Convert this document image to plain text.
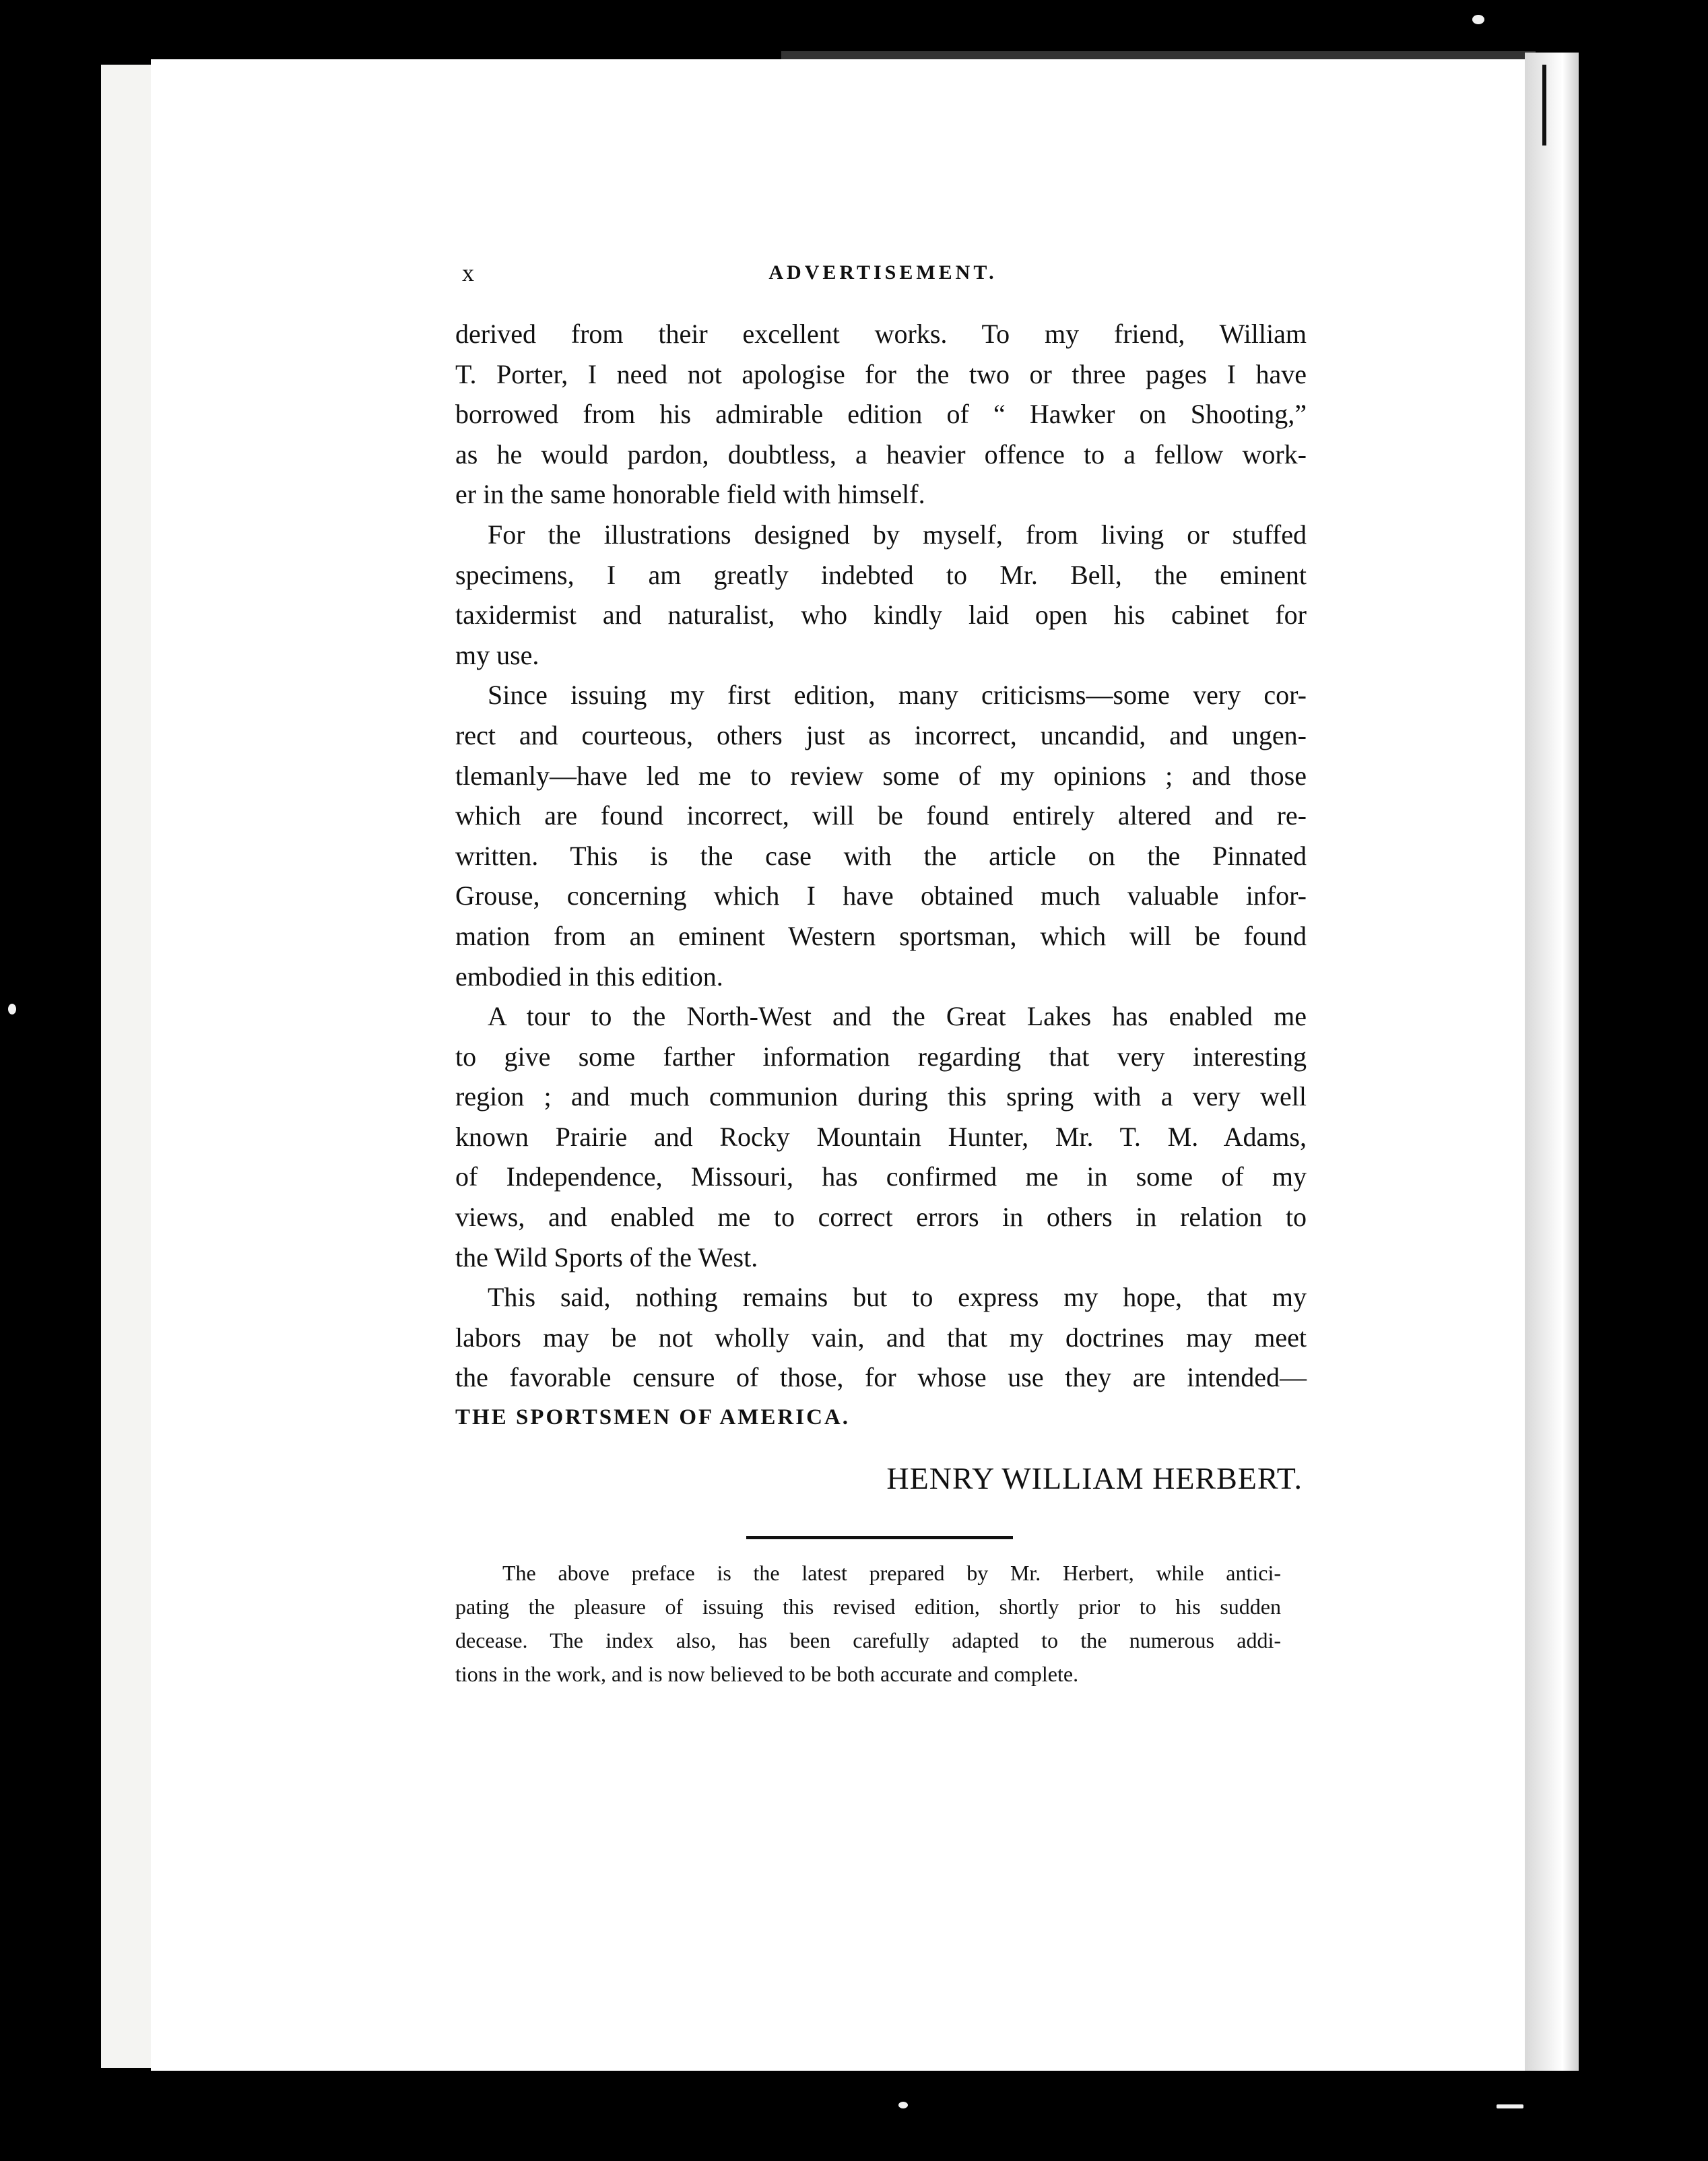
x	ADVERTISEMENT.
derived from their excellent works. To my friend, William
T. Porter, I need not apologise for the two or three pages I have
borrowed from his admirable edition of “ Hawker on Shooting,”
as he would pardon, doubtless, a heavier offence to a fellow work-
er in the same honorable field with himself.
For the illustrations designed by myself, from living or stuffed
specimens, I am greatly indebted to Mr. Bell, the eminent
taxidermist and naturalist, who kindly laid open his cabinet for
my use.
Since issuing my first edition, many criticisms—some very cor-
rect and courteous, others just as incorrect, uncandid, and ungen-
tlemanly—have led me to review some of my opinions ; and those
which are found incorrect, will be found entirely altered and re-
written. This is the case with the article on the Pinnated
Grouse, concerning which I have obtained much valuable infor-
mation from an eminent Western sportsman, which will be found
embodied in this edition.
A tour to the North-West and the Great Lakes has enabled me
to give some farther information regarding that very interesting
region ; and much communion during this spring with a very well
known Prairie and Rocky Mountain Hunter, Mr. T. M. Adams,
of Independence, Missouri, has confirmed me in some of my
views, and enabled me to correct errors in others in relation to
the Wild Sports of the West.
This said, nothing remains but to express my hope, that my
labors may be not wholly vain, and that my doctrines may meet
the favorable censure of those, for whose use they are intended—
THE SPORTSMEN OF AMERICA.
HENRY WILLIAM HERBERT.
The above preface is the latest prepared by Mr. Herbert, while antici-
pating the pleasure of issuing this revised edition, shortly prior to his sudden
decease. The index also, has been carefully adapted to the numerous addi-
tions in the work, and is now believed to be both accurate and complete.
